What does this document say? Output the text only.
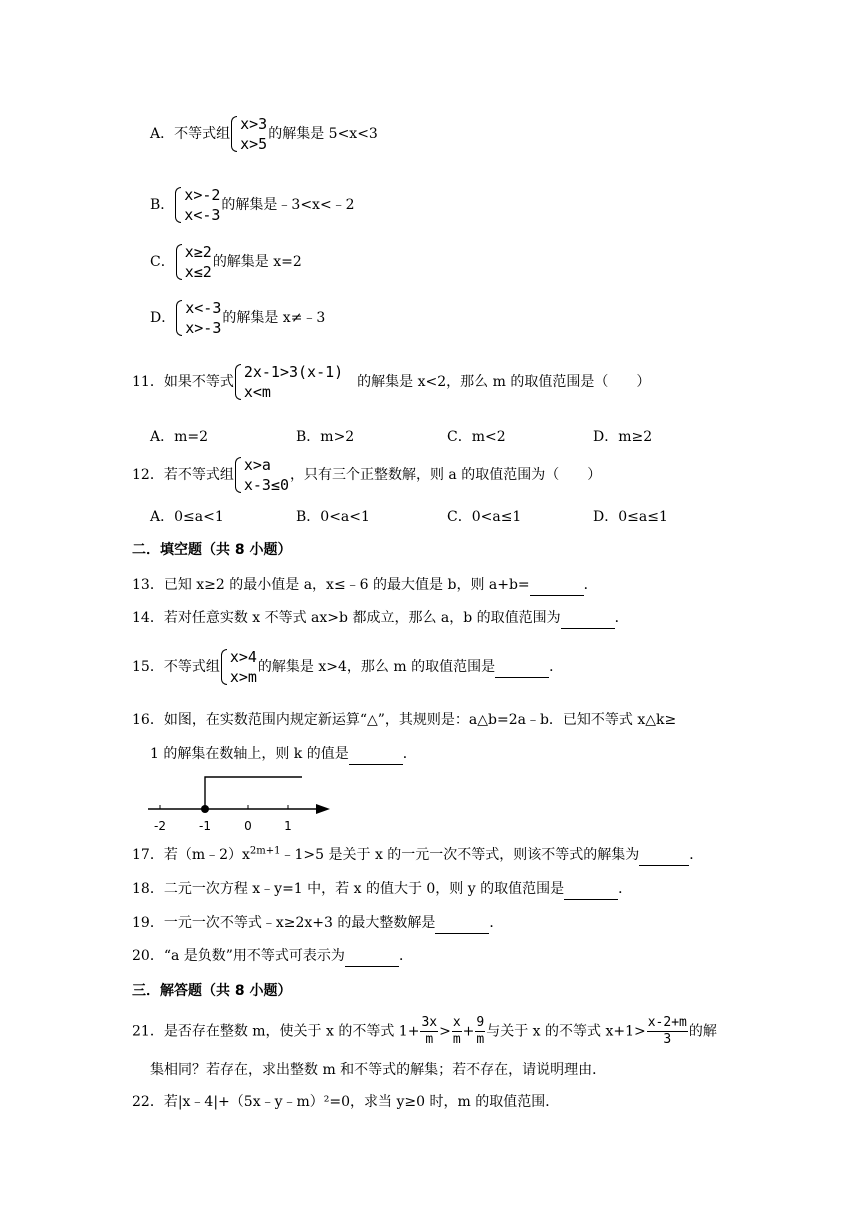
A．不等式组
x>3
x>5
的解集是 5<x<3
B．
x>-2
x<-3
的解集是﹣3<x<﹣2
C．
x≥2
x≤2
的解集是 x=2
D．
x<-3
x>-3
的解集是 x≠﹣3
11．如果不等式
2x-1>3(x-1)
x<m
的解集是 x<2，那么 m 的取值范围是（　　）
A．m=2	B．m>2	C．m<2	D．m≥2
12．若不等式组
x>a
x-3≤0
，只有三个正整数解，则 a 的取值范围为（　　）
A．0≤a<1	B．0<a<1	C．0<a≤1	D．0≤a≤1
二．填空题（共 8 小题）
13．已知 x≥2 的最小值是 a，x≤﹣6 的最大值是 b，则 a+b=	．
14．若对任意实数 x 不等式 ax>b 都成立，那么 a，b 的取值范围为	．
15．不等式组
x>4
x>m
的解集是 x>4，那么 m 的取值范围是	．
16．如图，在实数范围内规定新运算“△”，其规则是：a△b=2a﹣b．已知不等式 x△k≥
1 的解集在数轴上，则 k 的值是	．
-2	-1	0	1
17．若$(m﹣2)x^{2m+1}﹣1>5$ 是关于 x 的一元一次不等式，则该不等式的解集为	．
18．二元一次方程 x﹣y=1 中，若 x 的值大于 0，则 y 的取值范围是	．
19．一元一次不等式﹣x≥2x+3 的最大整数解是	．
20．“a 是负数”用不等式可表示为	．
三．解答题（共 8 小题）
21．是否存在整数 m，使关于 x 的不等式 $1+ \frac{3x}{m} > \frac{x}{m} + \frac{9}{m}$ 与关于 x 的不等式 $x+1> \frac{x-2+m}{3}$ 的解
集相同？若存在，求出整数 m 和不等式的解集；若不存在，请说明理由．
22．若|x﹣4|+（5x﹣y﹣m）²=0，求当 y≥0 时，m 的取值范围．
